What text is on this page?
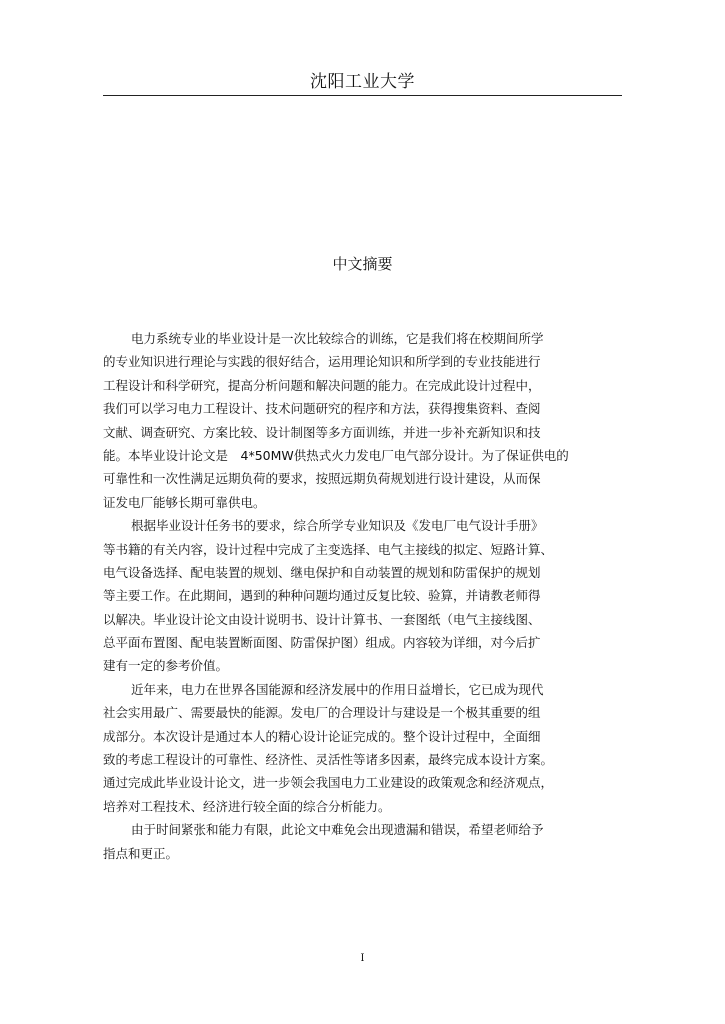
沈阳工业大学
中文摘要
电力系统专业的毕业设计是一次比较综合的训练，它是我们将在校期间所学
的专业知识进行理论与实践的很好结合，运用理论知识和所学到的专业技能进行
工程设计和科学研究，提高分析问题和解决问题的能力。在完成此设计过程中，
我们可以学习电力工程设计、技术问题研究的程序和方法，获得搜集资料、查阅
文献、调查研究、方案比较、设计制图等多方面训练，并进一步补充新知识和技
能。本毕业设计论文是　4*50MW供热式火力发电厂电气部分设计。为了保证供电的
可靠性和一次性满足远期负荷的要求，按照远期负荷规划进行设计建设，从而保
证发电厂能够长期可靠供电。
根据毕业设计任务书的要求，综合所学专业知识及《发电厂电气设计手册》
等书籍的有关内容，设计过程中完成了主变选择、电气主接线的拟定、短路计算、
电气设备选择、配电装置的规划、继电保护和自动装置的规划和防雷保护的规划
等主要工作。在此期间，遇到的种种问题均通过反复比较、验算，并请教老师得
以解决。毕业设计论文由设计说明书、设计计算书、一套图纸（电气主接线图、
总平面布置图、配电装置断面图、防雷保护图）组成。内容较为详细，对今后扩
建有一定的参考价值。
近年来，电力在世界各国能源和经济发展中的作用日益增长，它已成为现代
社会实用最广、需要最快的能源。发电厂的合理设计与建设是一个极其重要的组
成部分。本次设计是通过本人的精心设计论证完成的。整个设计过程中，全面细
致的考虑工程设计的可靠性、经济性、灵活性等诸多因素，最终完成本设计方案。
通过完成此毕业设计论文，进一步领会我国电力工业建设的政策观念和经济观点，
培养对工程技术、经济进行较全面的综合分析能力。
由于时间紧张和能力有限，此论文中难免会出现遗漏和错误，希望老师给予
指点和更正。
I
